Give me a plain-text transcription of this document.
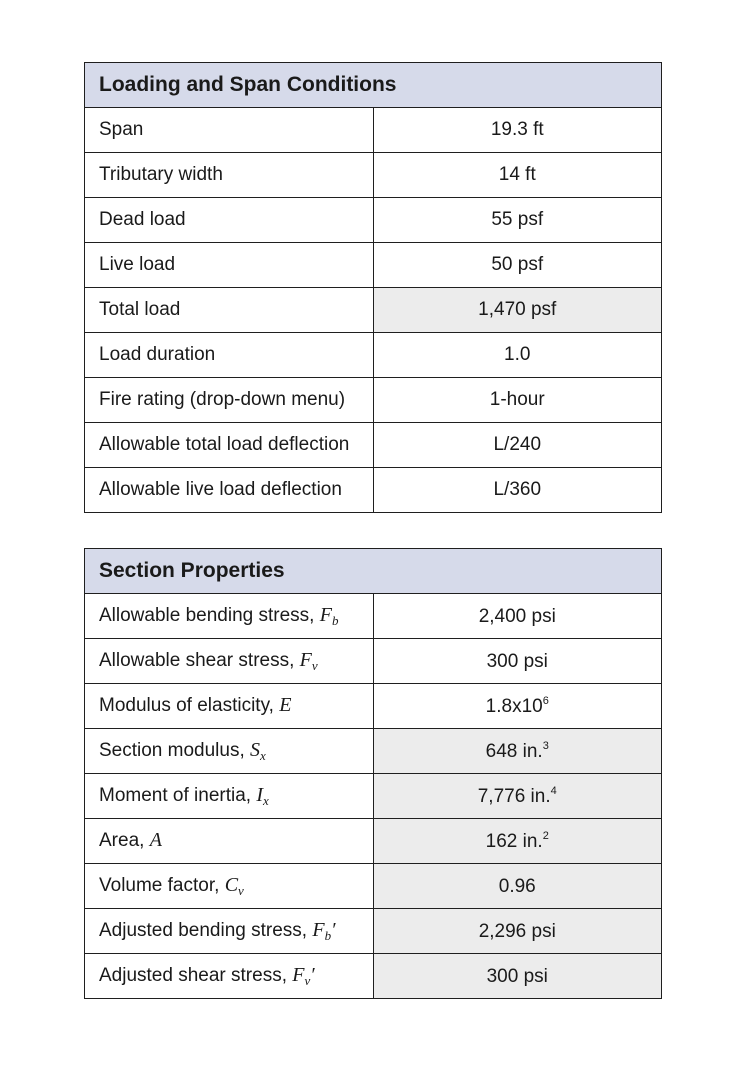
Loading and Span Conditions	
Span	19.3 ft
Tributary width	14 ft
Dead load	55 psf
Live load	50 psf
Total load	1,470 psf
Load duration	1.0
Fire rating (drop-down menu)	1-hour
Allowable total load deflection	L/240
Allowable live load deflection	L/360
Section Properties	
Allowable bending stress, $F_b$	2,400 psi
Allowable shear stress, $F_v$	300 psi
Modulus of elasticity, E	$1.8x10^6$
Section modulus, $S_x$	648 in.$^3$
Moment of inertia, $I_x$	7,776 in.$^4$
Area, A	162 in.$^2$
Volume factor, $C_v$	0.96
Adjusted bending stress, $F_b'$	2,296 psi
Adjusted shear stress, $F_v'$	300 psi
